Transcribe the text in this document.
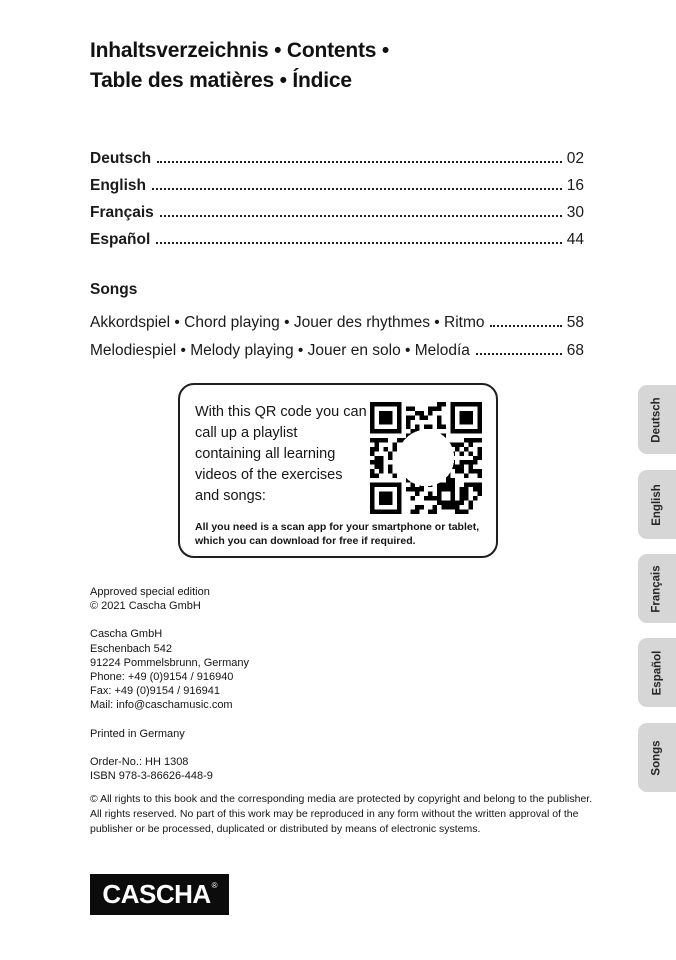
Inhaltsverzeichnis • Contents •
Table des matières • Índice
Deutsch	02
English	16
Français	30
Español	44
Songs
Akkordspiel • Chord playing • Jouer des rhythmes • Ritmo	58
Melodiespiel • Melody playing • Jouer en solo • Melodía	68

With this QR code you can call up a playlist containing all learning videos of the exercises and songs:

All you need is a scan app for your smartphone or tablet,
which you can download for free if required.

Approved special edition
© 2021 Cascha GmbH

Cascha GmbH
Eschenbach 542
91224 Pommelsbrunn, Germany
Phone: +49 (0)9154 / 916940
Fax: +49 (0)9154 / 916941
Mail: info@caschamusic.com

Printed in Germany

Order-No.: HH 1308
ISBN 978-3-86626-448-9

© All rights to this book and the corresponding media are protected by copyright and belong to the publisher. All rights reserved. No part of this work may be reproduced in any form without the written approval of the publisher or be processed, duplicated or distributed by means of electronic systems.
CASCHA ®
Deutsch
English
Français
Español
Songs
